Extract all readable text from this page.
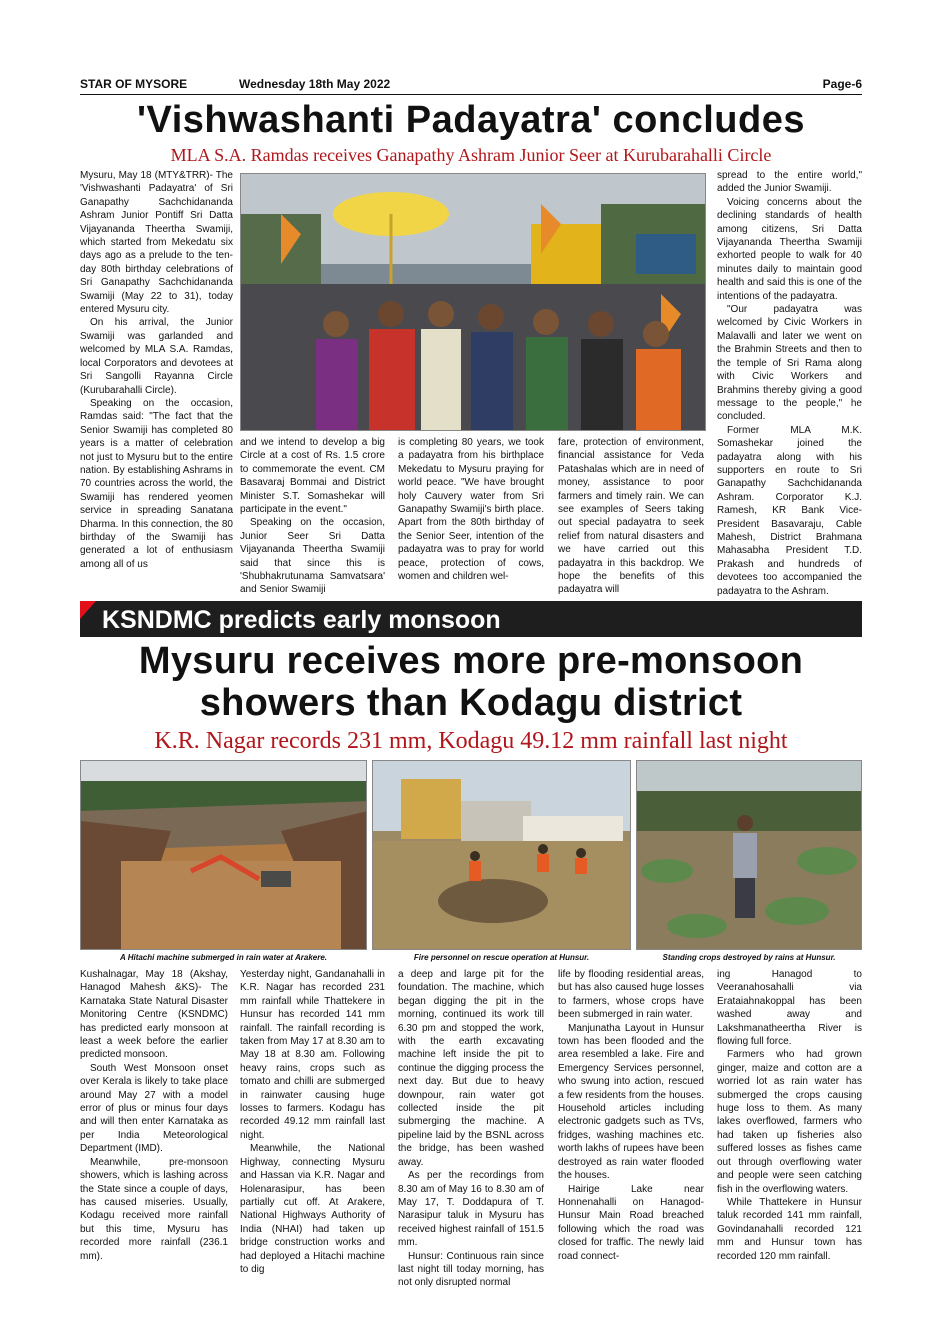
STAR OF MYSORE	Wednesday 18th May 2022	Page-6
'Vishwashanti Padayatra' concludes
MLA S.A. Ramdas receives Ganapathy Ashram Junior Seer at Kurubarahalli Circle

Mysuru, May 18 (MTY&TRR)- The 'Vishwashanti Padayatra' of Sri Ganapathy Sachchidananda Ashram Junior Pontiff Sri Datta Vijayananda Theertha Swamiji, which started from Mekedatu six days ago as a prelude to the ten-day 80th birthday celebrations of Sri Ganapathy Sachchidananda Swamiji (May 22 to 31), today entered Mysuru city.

On his arrival, the Junior Swamiji was garlanded and welcomed by MLA S.A. Ramdas, local Corporators and devotees at Sri Sangolli Rayanna Circle (Kurubarahalli Circle).

Speaking on the occasion, Ramdas said: "The fact that the Senior Swamiji has completed 80 years is a matter of celebration not just to Mysuru but to the entire nation. By establishing Ashrams in 70 countries across the world, the Swamiji has rendered yeomen service in spreading Sanatana Dharma. In this connection, the 80 birthday of the Swamiji has generated a lot of enthusiasm among all of us

and we intend to develop a big Circle at a cost of Rs. 1.5 crore to commemorate the event. CM Basavaraj Bommai and District Minister S.T. Somashekar will participate in the event."

Speaking on the occasion, Junior Seer Sri Datta Vijayananda Theertha Swamiji said that since this is 'Shubhakrutunama Samvatsara' and Senior Swamiji

is completing 80 years, we took a padayatra from his birthplace Mekedatu to Mysuru praying for world peace. "We have brought holy Cauvery water from Sri Ganapathy Swamiji's birth place. Apart from the 80th birthday of the Senior Seer, intention of the padayatra was to pray for world peace, protection of cows, women and children wel-

fare, protection of environment, financial assistance for Veda Patashalas which are in need of money, assistance to poor farmers and timely rain. We can see examples of Seers taking out special padayatra to seek relief from natural disasters and we have carried out this padayatra in this backdrop. We hope the benefits of this padayatra will

spread to the entire world," added the Junior Swamiji.

Voicing concerns about the declining standards of health among citizens, Sri Datta Vijayananda Theertha Swamiji exhorted people to walk for 40 minutes daily to maintain good health and said this is one of the intentions of the padayatra.

"Our padayatra was welcomed by Civic Workers in Malavalli and later we went on the Brahmin Streets and then to the temple of Sri Rama along with Civic Workers and Brahmins thereby giving a good message to the people," he concluded.

Former MLA M.K. Somashekar joined the padayatra along with his supporters en route to Sri Ganapathy Sachchidananda Ashram. Corporator K.J. Ramesh, KR Bank Vice-President Basavaraju, Cable Mahesh, District Brahmana Mahasabha President T.D. Prakash and hundreds of devotees too accompanied the padayatra to the Ashram.

KSNDMC predicts early monsoon
Mysuru receives more pre-monsoon
showers than Kodagu district
K.R. Nagar records 231 mm, Kodagu 49.12 mm rainfall last night
A Hitachi machine submerged in rain water at Arakere.	Fire personnel on rescue operation at Hunsur.	Standing crops destroyed by rains at Hunsur.

Kushalnagar, May 18 (Akshay, Hanagod Mahesh &KS)- The Karnataka State Natural Disaster Monitoring Centre (KSNDMC) has predicted early monsoon at least a week before the earlier predicted monsoon.

South West Monsoon onset over Kerala is likely to take place around May 27 with a model error of plus or minus four days and will then enter Karnataka as per India Meteorological Department (IMD).

Meanwhile, pre-monsoon showers, which is lashing across the State since a couple of days, has caused miseries. Usually, Kodagu received more rainfall but this time, Mysuru has recorded more rainfall (236.1 mm).

Yesterday night, Gandanahalli in K.R. Nagar has recorded 231 mm rainfall while Thattekere in Hunsur has recorded 141 mm rainfall. The rainfall recording is taken from May 17 at 8.30 am to May 18 at 8.30 am. Following heavy rains, crops such as tomato and chilli are submerged in rainwater causing huge losses to farmers. Kodagu has recorded 49.12 mm rainfall last night.

Meanwhile, the National Highway, connecting Mysuru and Hassan via K.R. Nagar and Holenarasipur, has been partially cut off. At Arakere, National Highways Authority of India (NHAI) had taken up bridge construction works and had deployed a Hitachi machine to dig

a deep and large pit for the foundation. The machine, which began digging the pit in the morning, continued its work till 6.30 pm and stopped the work, with the earth excavating machine left inside the pit to continue the digging process the next day. But due to heavy downpour, rain water got collected inside the pit submerging the machine. A pipeline laid by the BSNL across the bridge, has been washed away.

As per the recordings from 8.30 am of May 16 to 8.30 am of May 17, T. Doddapura of T. Narasipur taluk in Mysuru has received highest rainfall of 151.5 mm.

Hunsur: Continuous rain since last night till today morning, has not only disrupted normal

life by flooding residential areas, but has also caused huge losses to farmers, whose crops have been submerged in rain water.

Manjunatha Layout in Hunsur town has been flooded and the area resembled a lake. Fire and Emergency Services personnel, who swung into action, rescued a few residents from the houses. Household articles including electronic gadgets such as TVs, fridges, washing machines etc. worth lakhs of rupees have been destroyed as rain water flooded the houses.

Hairige Lake near Honnenahalli on Hanagod-Hunsur Main Road breached following which the road was closed for traffic. The newly laid road connect-

ing Hanagod to Veeranahosahalli via Erataiahnakoppal has been washed away and Lakshmanatheertha River is flowing full force.

Farmers who had grown ginger, maize and cotton are a worried lot as rain water has submerged the crops causing huge loss to them. As many lakes overflowed, farmers who had taken up fisheries also suffered losses as fishes came out through overflowing water and people were seen catching fish in the overflowing waters.

While Thattekere in Hunsur taluk recorded 141 mm rainfall, Govindanahalli recorded 121 mm and Hunsur town has recorded 120 mm rainfall.
